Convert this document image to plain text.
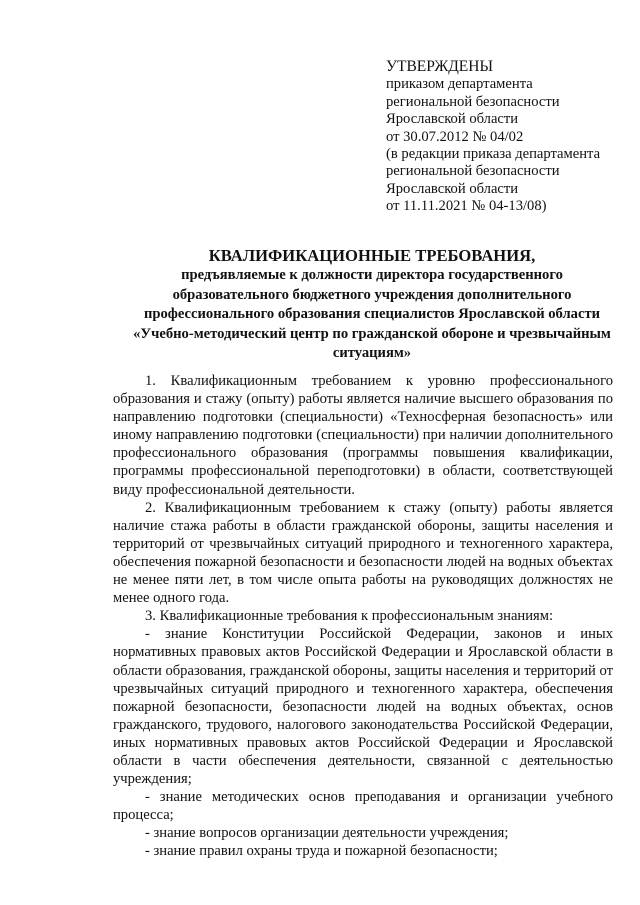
УТВЕРЖДЕНЫ
приказом департамента
региональной безопасности
Ярославской области
от 30.07.2012 № 04/02
(в редакции приказа департамента
региональной безопасности
Ярославской области
от 11.11.2021 № 04-13/08)
КВАЛИФИКАЦИОННЫЕ ТРЕБОВАНИЯ,
предъявляемые к должности директора государственного
образовательного бюджетного учреждения дополнительного
профессионального образования специалистов Ярославской области
«Учебно-методический центр по гражданской обороне и чрезвычайным
ситуациям»

1. Квалификационным требованием к уровню профессионального образования и стажу (опыту) работы является наличие высшего образования по направлению подготовки (специальности) «Техносферная безопасность» или иному направлению подготовки (специальности) при наличии дополнительного профессионального образования (программы повышения квалификации, программы профессиональной переподготовки) в области, соответствующей виду профессиональной деятельности.

2. Квалификационным требованием к стажу (опыту) работы является наличие стажа работы в области гражданской обороны, защиты населения и территорий от чрезвычайных ситуаций природного и техногенного характера, обеспечения пожарной безопасности и безопасности людей на водных объектах не менее пяти лет, в том числе опыта работы на руководящих должностях не менее одного года.

3. Квалификационные требования к профессиональным знаниям:

- знание Конституции Российской Федерации, законов и иных нормативных правовых актов Российской Федерации и Ярославской области в области образования, гражданской обороны, защиты населения и территорий от чрезвычайных ситуаций природного и техногенного характера, обеспечения пожарной безопасности, безопасности людей на водных объектах, основ гражданского, трудового, налогового законодательства Российской Федерации, иных нормативных правовых актов Российской Федерации и Ярославской области в части обеспечения деятельности, связанной с деятельностью учреждения;

- знание методических основ преподавания и организации учебного процесса;

- знание вопросов организации деятельности учреждения;

- знание правил охраны труда и пожарной безопасности;
